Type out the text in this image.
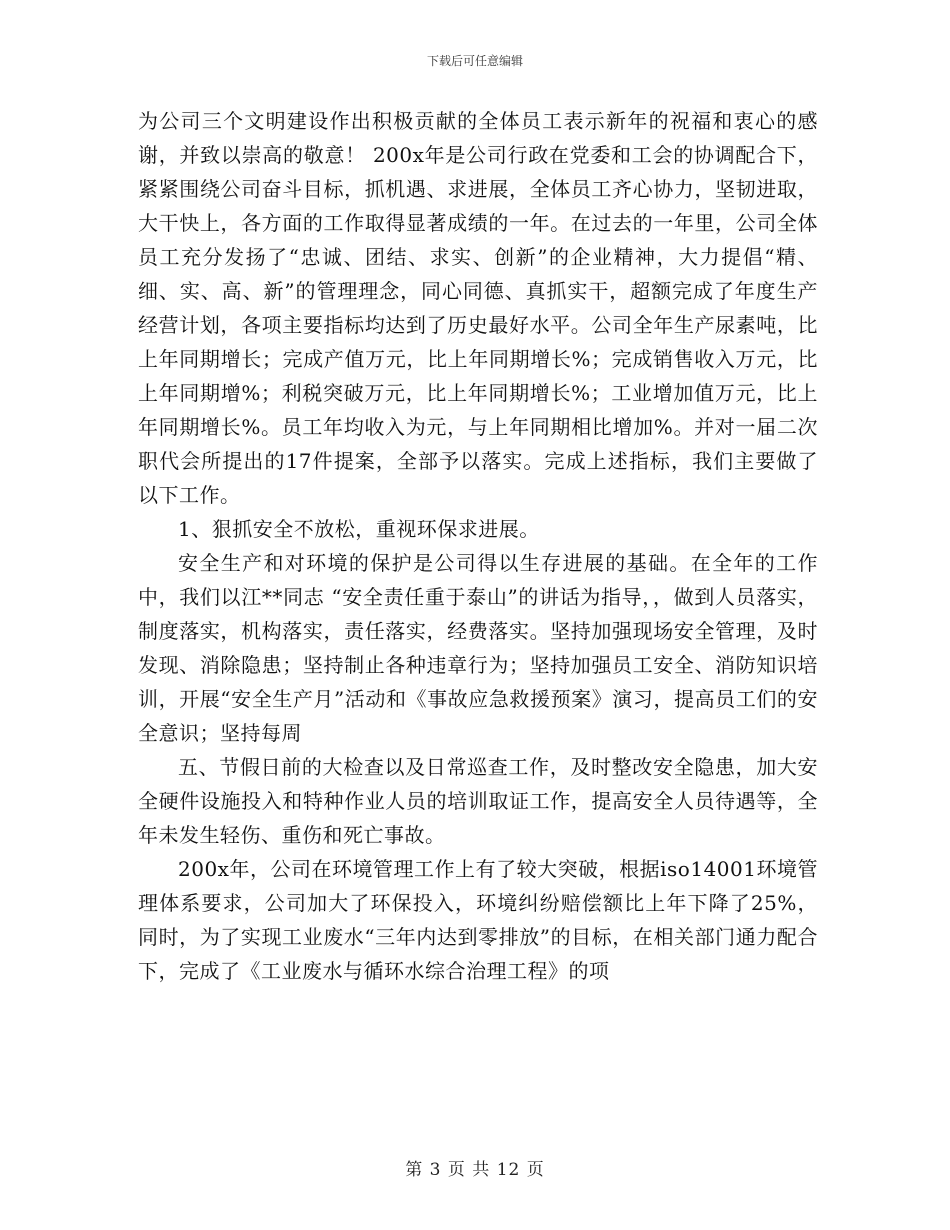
下载后可任意编辑

为公司三个文明建设作出积极贡献的全体员工表示新年的祝福和衷心的感谢，并致以崇高的敬意！ 200x年是公司行政在党委和工会的协调配合下，紧紧围绕公司奋斗目标，抓机遇、求进展，全体员工齐心协力，坚韧进取，大干快上，各方面的工作取得显著成绩的一年。在过去的一年里，公司全体员工充分发扬了“忠诚、团结、求实、创新”的企业精神，大力提倡“精、细、实、高、新”的管理理念，同心同德、真抓实干，超额完成了年度生产经营计划，各项主要指标均达到了历史最好水平。公司全年生产尿素吨，比上年同期增长；完成产值万元，比上年同期增长%；完成销售收入万元，比上年同期增%；利税突破万元，比上年同期增长%；工业增加值万元，比上年同期增长%。员工年均收入为元，与上年同期相比增加%。并对一届二次职代会所提出的17件提案，全部予以落实。完成上述指标，我们主要做了以下工作。

1、狠抓安全不放松，重视环保求进展。

安全生产和对环境的保护是公司得以生存进展的基础。在全年的工作中，我们以江**同志 “安全责任重于泰山”的讲话为指导，，做到人员落实，制度落实，机构落实，责任落实，经费落实。坚持加强现场安全管理，及时发现、消除隐患；坚持制止各种违章行为；坚持加强员工安全、消防知识培训，开展“安全生产月”活动和《事故应急救援预案》演习，提高员工们的安全意识；坚持每周

五、节假日前的大检查以及日常巡查工作，及时整改安全隐患，加大安全硬件设施投入和特种作业人员的培训取证工作，提高安全人员待遇等，全年未发生轻伤、重伤和死亡事故。

200x年，公司在环境管理工作上有了较大突破，根据iso14001环境管理体系要求，公司加大了环保投入，环境纠纷赔偿额比上年下降了25%，同时，为了实现工业废水“三年内达到零排放”的目标，在相关部门通力配合下，完成了《工业废水与循环水综合治理工程》的项

第 3 页 共 12 页
